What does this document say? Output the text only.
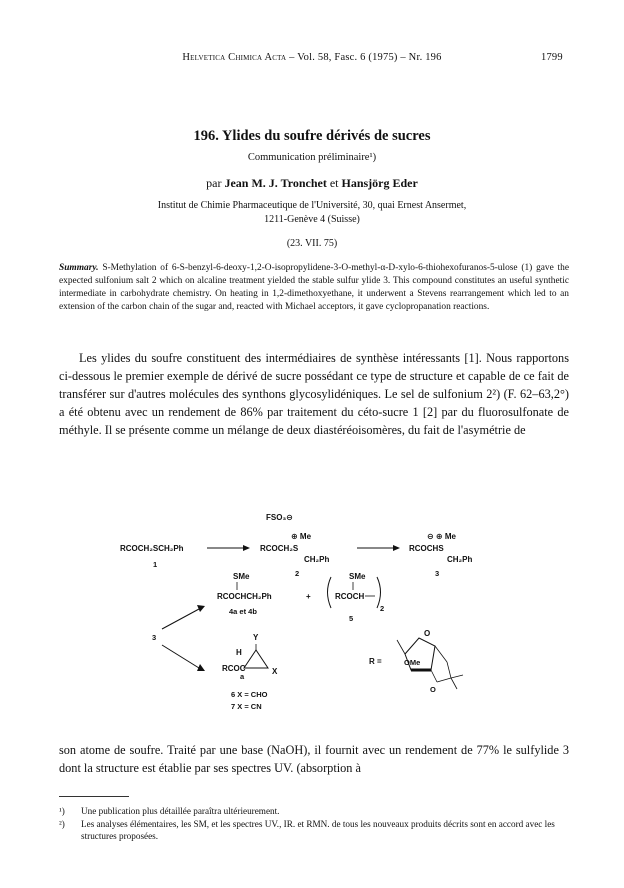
Helvetica Chimica Acta – Vol. 58, Fasc. 6 (1975) – Nr. 196	1799
196. Ylides du soufre dérivés de sucres
Communication préliminaire¹)
par Jean M. J. Tronchet et Hansjörg Eder
Institut de Chimie Pharmaceutique de l'Université, 30, quai Ernest Ansermet,
1211-Genève 4 (Suisse)
(23. VII. 75)
Summary. S-Methylation of 6-S-benzyl-6-deoxy-1,2-O-isopropylidene-3-O-methyl-α-D-xylo-6-thiohexofuranos-5-ulose (1) gave the expected sulfonium salt 2 which on alcaline treatment yielded the stable sulfur ylide 3. This compound constitutes an useful synthetic intermediate in carbohydrate chemistry. On heating in 1,2-dimethoxyethane, it underwent a Stevens rearrangement which led to an extension of the carbon chain of the sugar and, reacted with Michael acceptors, it gave cyclopropanation reactions.

Les ylides du soufre constituent des intermédiaires de synthèse intéressants [1]. Nous rapportons ci-dessous le premier exemple de dérivé de sucre possédant ce type de structure et capable de ce fait de transférer sur d'autres molécules des synthons glycosylidéniques. Le sel de sulfonium 2²) (F. 62–63,2°) a été obtenu avec un rendement de 86% par traitement du céto-sucre 1 [2] par du fluorosulfonate de méthyle. Il se présente comme un mélange de deux diastéréoisomères, du fait de l'asymétrie de

FSO₃⊖
RCOCH₂SCH₂Ph
1
RCOCH₂S
⊕ Me
CH₂Ph
2
RCOCHS
⊖ ⊕ Me
CH₂Ph
3
3
SMe
RCOCHCH₂Ph
4a et 4b
+
SMe
RCOCH
2
5
H
Y
RCOC
a
X
6 X = CHO
7 X = CN
R =
O
OMe
O
son atome de soufre. Traité par une base (NaOH), il fournit avec un rendement de 77% le sulfylide 3 dont la structure est établie par ses spectres UV. (absorption à
¹) Une publication plus détaillée paraîtra ultérieurement.
²) Les analyses élémentaires, les SM, et les spectres UV., IR. et RMN. de tous les nouveaux produits décrits sont en accord avec les structures proposées.
